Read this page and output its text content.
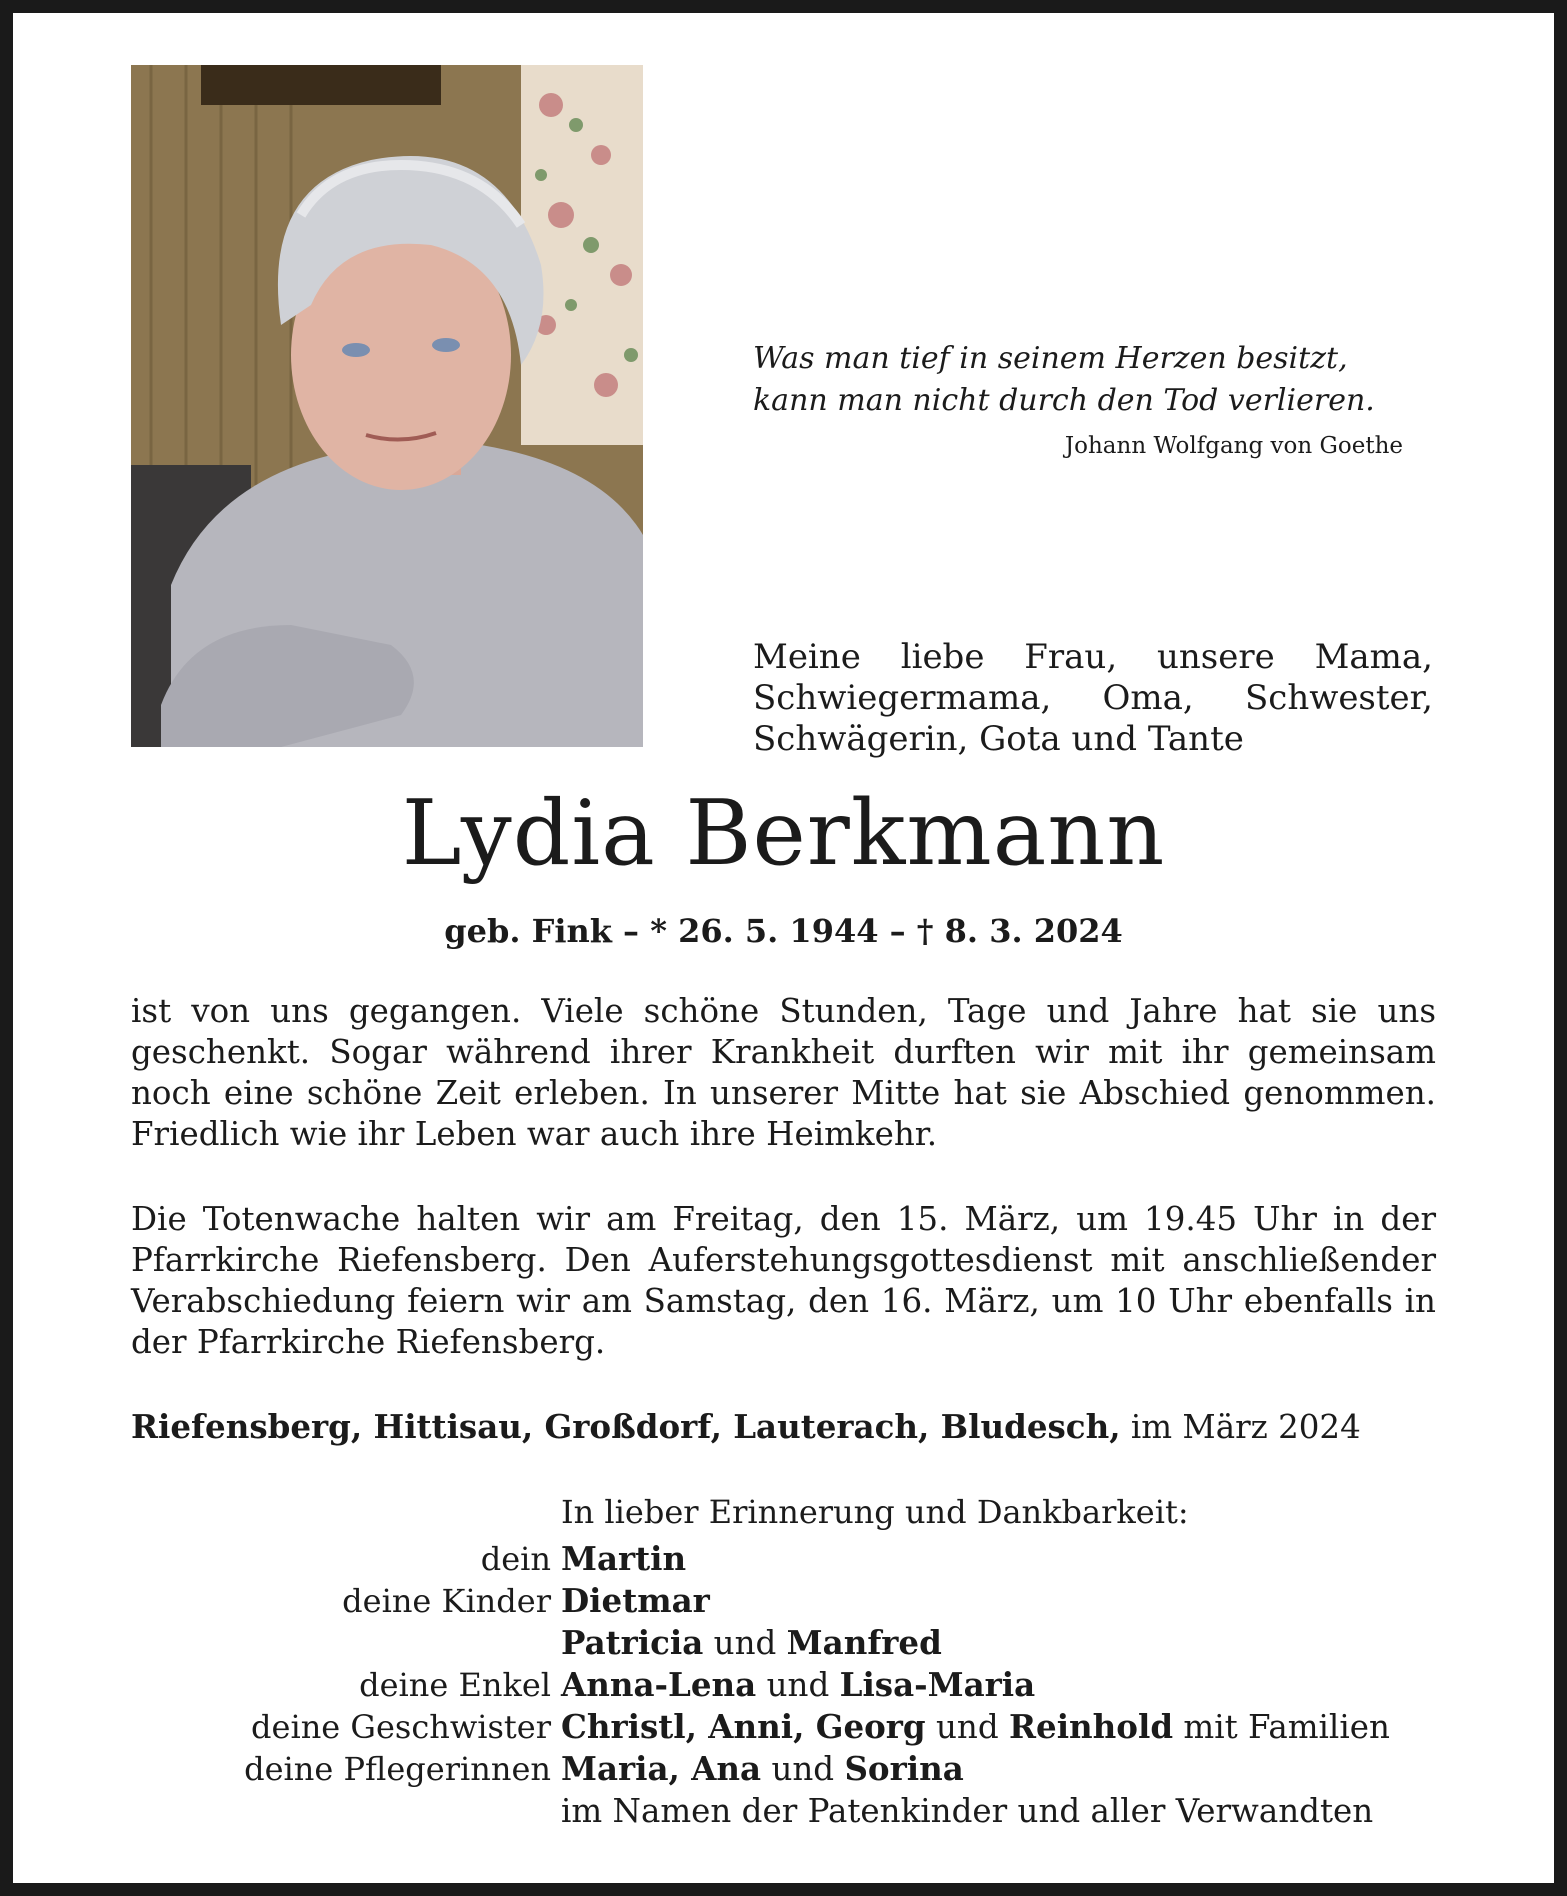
Was man tief in seinem Herzen besitzt,
kann man nicht durch den Tod verlieren.
Johann Wolfgang von Goethe
Meine liebe Frau, unsere Mama,
Schwiegermama, Oma, Schwester,
Schwägerin, Gota und Tante
Lydia Berkmann
geb. Fink – * 26. 5. 1944 – † 8. 3. 2024
ist von uns gegangen. Viele schöne Stunden, Tage und Jahre hat sie uns geschenkt. Sogar während ihrer Krankheit durften wir mit ihr gemeinsam noch eine schöne Zeit erleben. In unserer Mitte hat sie Abschied genommen. Friedlich wie ihr Leben war auch ihre Heimkehr.
Die Totenwache halten wir am Freitag, den 15. März, um 19.45 Uhr in der Pfarrkirche Riefensberg. Den Auferstehungsgottesdienst mit anschließender Verabschiedung feiern wir am Samstag, den 16. März, um 10 Uhr ebenfalls in der Pfarrkirche Riefensberg.
Riefensberg, Hittisau, Großdorf, Lauterach, Bludesch, im März 2024
In lieber Erinnerung und Dankbarkeit:
dein Martin
deine Kinder Dietmar
Patricia und Manfred
deine Enkel Anna-Lena und Lisa-Maria
deine Geschwister Christl, Anni, Georg und Reinhold mit Familien
deine Pflegerinnen Maria, Ana und Sorina
im Namen der Patenkinder und aller Verwandten
